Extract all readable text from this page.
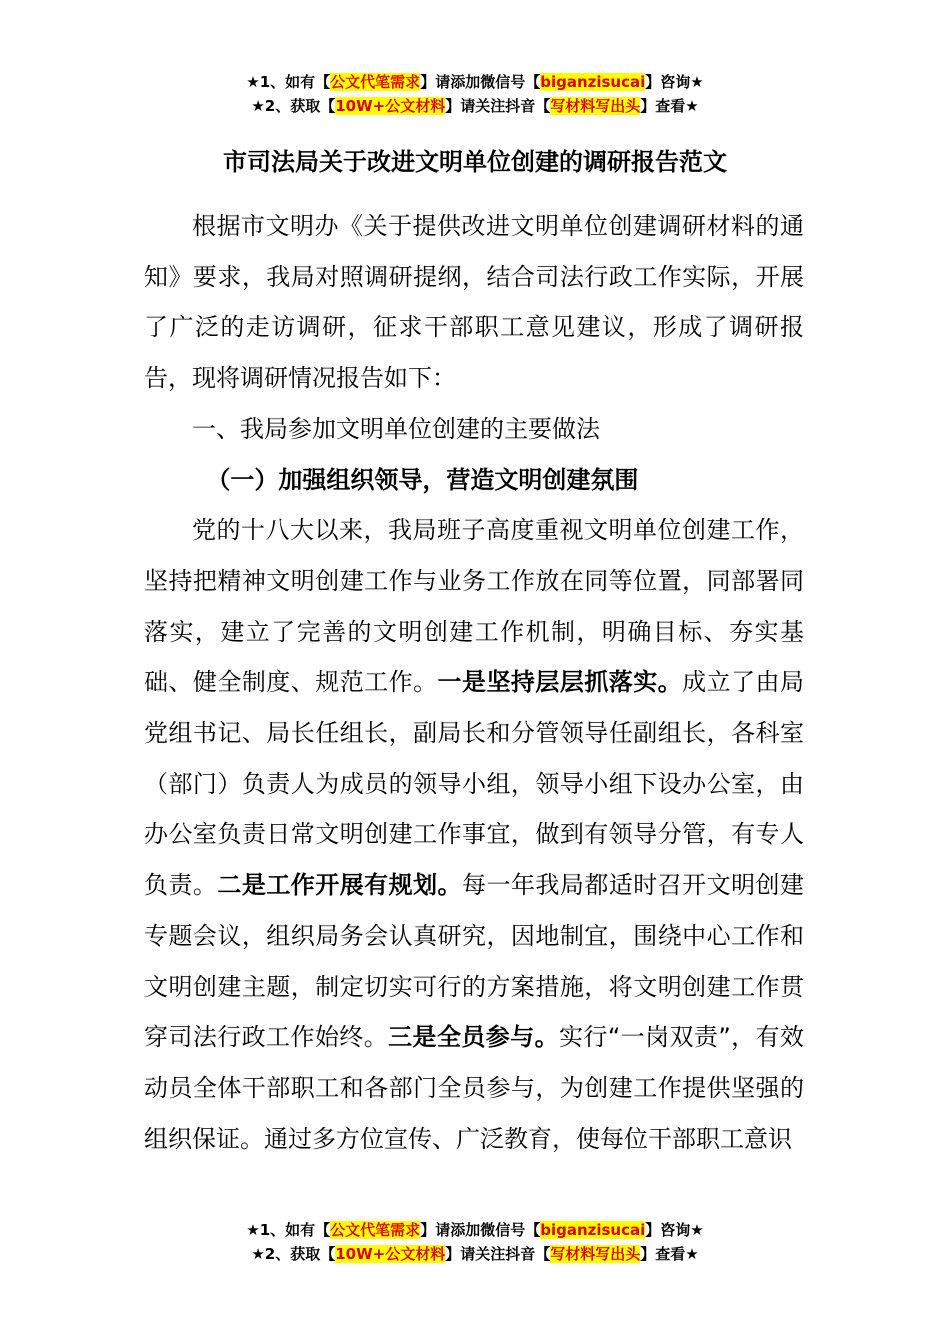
★1、如有【公文代笔需求】请添加微信号【biganzisucai】咨询★
★2、获取【10W+公文材料】请关注抖音【写材料写出头】查看★
市司法局关于改进文明单位创建的调研报告范文

根据市文明办《关于提供改进文明单位创建调研材料的通知》要求，我局对照调研提纲，结合司法行政工作实际，开展了广泛的走访调研，征求干部职工意见建议，形成了调研报告，现将调研情况报告如下：

一、我局参加文明单位创建的主要做法

（一）加强组织领导，营造文明创建氛围

党的十八大以来，我局班子高度重视文明单位创建工作，坚持把精神文明创建工作与业务工作放在同等位置，同部署同落实，建立了完善的文明创建工作机制，明确目标、夯实基础、健全制度、规范工作。一是坚持层层抓落实。成立了由局党组书记、局长任组长，副局长和分管领导任副组长，各科室（部门）负责人为成员的领导小组，领导小组下设办公室，由办公室负责日常文明创建工作事宜，做到有领导分管，有专人负责。二是工作开展有规划。每一年我局都适时召开文明创建专题会议，组织局务会认真研究，因地制宜，围绕中心工作和文明创建主题，制定切实可行的方案措施，将文明创建工作贯穿司法行政工作始终。三是全员参与。实行“一岗双责”，有效动员全体干部职工和各部门全员参与，为创建工作提供坚强的组织保证。通过多方位宣传、广泛教育，使每位干部职工意识

★1、如有【公文代笔需求】请添加微信号【biganzisucai】咨询★
★2、获取【10W+公文材料】请关注抖音【写材料写出头】查看★
